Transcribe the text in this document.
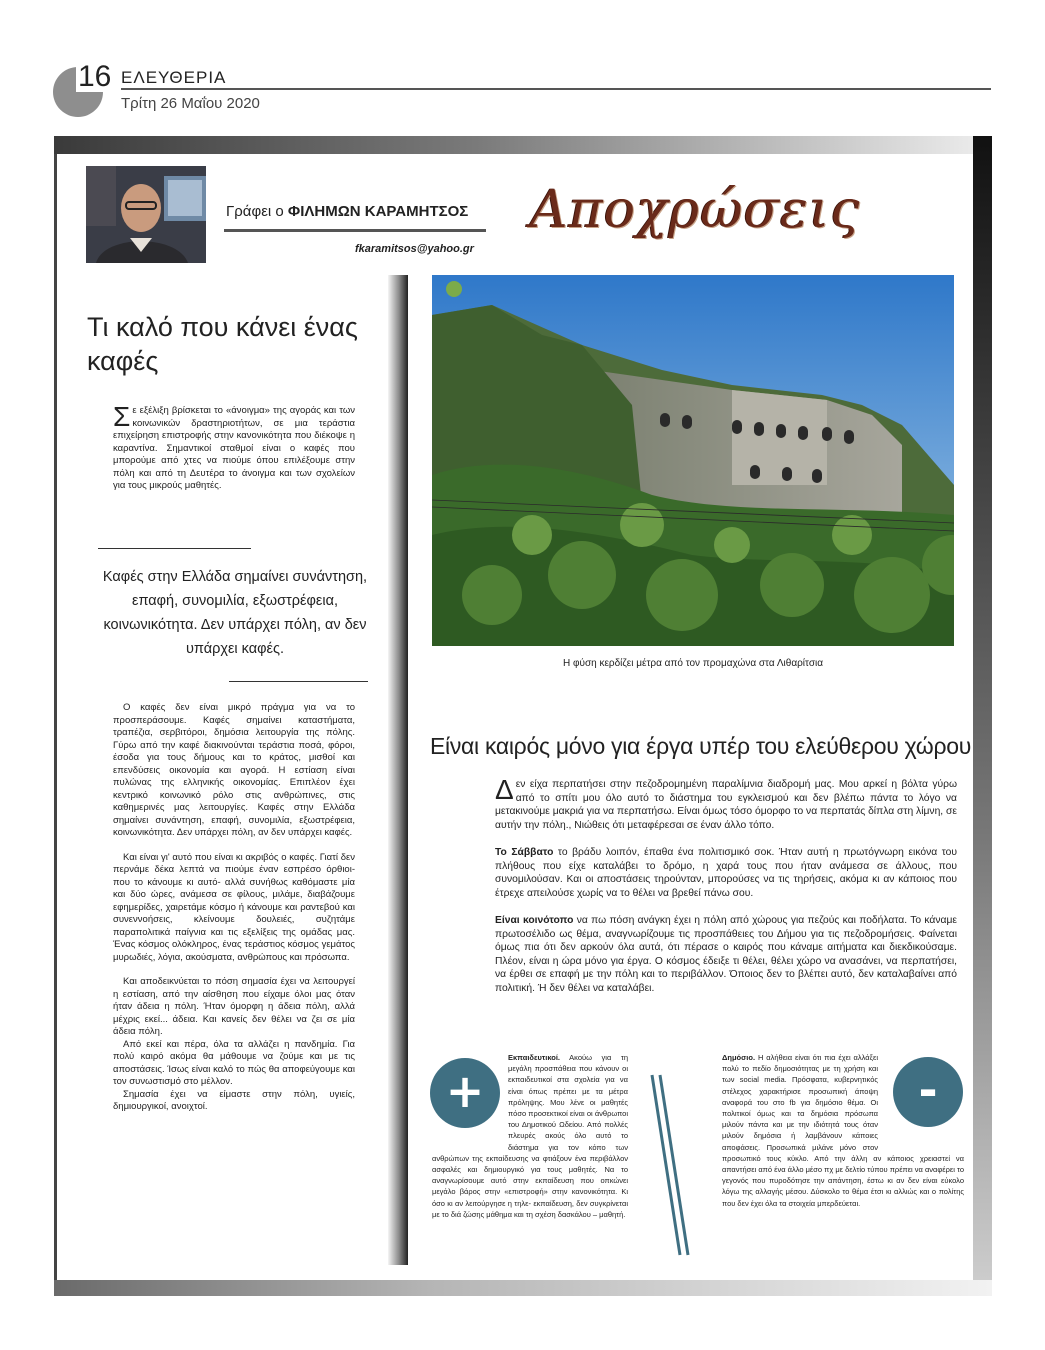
16 ΕΛΕΥΘΕΡΙΑ
Τρίτη 26 Μαΐου 2020
Γράφει ο ΦΙΛΗΜΩΝ ΚΑΡΑΜΗΤΣΟΣ
fkaramitsos@yahoo.gr
Αποχρώσεις
Τι καλό που κάνει ένας καφές
Σ ε εξέλιξη βρίσκεται το «άνοιγμα» της αγοράς και των κοινωνικών δραστηριοτήτων, σε μια τεράστια επιχείρηση επιστροφής στην κανονικότητα που διέκοψε η καραντίνα. Σημαντικοί σταθμοί είναι ο καφές που μπορούμε από χτες να πιούμε όπου επιλέξουμε στην πόλη και από τη Δευτέρα το άνοιγμα και των σχολείων για τους μικρούς μαθητές.
Καφές στην Ελλάδα σημαίνει συνάντηση, επαφή, συνομιλία, εξωστρέφεια, κοινωνικότητα. Δεν υπάρχει πόλη, αν δεν υπάρχει καφές.

Ο καφές δεν είναι μικρό πράγμα για να το προσπεράσουμε. Καφές σημαίνει καταστήματα, τραπέζια, σερβιτόροι, δημόσια λειτουργία της πόλης. Γύρω από την καφέ διακινούνται τεράστια ποσά, φόροι, έσοδα για τους δήμους και το κράτος, μισθοί και επενδύσεις οικονομία και αγορά. Η εστίαση είναι πυλώνας της ελληνικής οικονομίας. Επιπλέον έχει κεντρικό κοινωνικό ρόλο στις ανθρώπινες, στις καθημερινές μας λειτουργίες. Καφές στην Ελλάδα σημαίνει συνάντηση, επαφή, συνομιλία, εξωστρέφεια, κοινωνικότητα. Δεν υπάρχει πόλη, αν δεν υπάρχει καφές.

Και είναι γι' αυτό που είναι κι ακριβός ο καφές. Γιατί δεν περνάμε δέκα λεπτά να πιούμε έναν εσπρέσο όρθιοι- που το κάνουμε κι αυτό- αλλά συνήθως καθόμαστε μία και δύο ώρες, ανάμεσα σε φίλους, μιλάμε, διαβάζουμε εφημερίδες, χαιρετάμε κόσμο ή κάνουμε και ραντεβού και συνεννοήσεις, κλείνουμε δουλειές, συζητάμε παραπολιτικά παίγνια και τις εξελίξεις της ομάδας μας. Ένας κόσμος ολόκληρος, ένας τεράστιος κόσμος γεμάτος μυρωδιές, λόγια, ακούσματα, ανθρώπους και πρόσωπα.

Και αποδεικνύεται το πόση σημασία έχει να λειτουργεί η εστίαση, από την αίσθηση που είχαμε όλοι μας όταν ήταν άδεια η πόλη. Ήταν όμορφη η άδεια πόλη, αλλά μέχρις εκεί... άδεια. Και κανείς δεν θέλει να ζει σε μία άδεια πόλη.

Από εκεί και πέρα, όλα τα αλλάζει η πανδημία. Για πολύ καιρό ακόμα θα μάθουμε να ζούμε και με τις αποστάσεις. Ίσως είναι καλό το πώς θα αποφεύγουμε και τον συνωστισμό στο μέλλον.

Σημασία έχει να είμαστε στην πόλη, υγιείς, δημιουργικοί, ανοιχτοί.

Η φύση κερδίζει μέτρα από τον προμαχώνα στα Λιθαρίτσια
Είναι καιρός μόνο για έργα υπέρ του ελεύθερου χώρου

Δ εν είχα περπατήσει στην πεζοδρομημένη παραλίμνια διαδρομή μας. Μου αρκεί η βόλτα γύρω από το σπίτι μου όλο αυτό το διάστημα του εγκλεισμού και δεν βλέπω πάντα το λόγο να μετακινούμε μακριά για να περπατήσω. Είναι όμως τόσο όμορφο το να περπατάς δίπλα στη λίμνη, σε αυτήν την πόλη., Νιώθεις ότι μεταφέρεσαι σε έναν άλλο τόπο.

Το Σάββατο το βράδυ λοιπόν, έπαθα ένα πολιτισμικό σοκ. Ήταν αυτή η πρωτόγνωρη εικόνα του πλήθους που είχε καταλάβει το δρόμο, η χαρά τους που ήταν ανάμεσα σε άλλους, που συνομιλούσαν. Και οι αποστάσεις τηρούνταν, μπορούσες να τις τηρήσεις, ακόμα κι αν κάποιος που έτρεχε απειλούσε χωρίς να το θέλει να βρεθεί πάνω σου.

Είναι κοινότοπο να πω πόση ανάγκη έχει η πόλη από χώρους για πεζούς και ποδήλατα. Το κάναμε πρωτοσέλιδο ως θέμα, αναγνωρίζουμε τις προσπάθειες του Δήμου για τις πεζοδρομήσεις. Φαίνεται όμως πια ότι δεν αρκούν όλα αυτά, ότι πέρασε ο καιρός που κάναμε αιτήματα και διεκδικούσαμε. Πλέον, είναι η ώρα μόνο για έργα. Ο κόσμος έδειξε τι θέλει, θέλει χώρο να ανασάνει, να περπατήσει, να έρθει σε επαφή με την πόλη και το περιβάλλον. Όποιος δεν το βλέπει αυτό, δεν καταλαβαίνει από πολιτική. Ή δεν θέλει να καταλάβει.

Εκπαιδευτικοί. Ακούω για τη μεγάλη προσπάθεια που κάνουν οι εκπαιδευτικοί στα σχολεία για να είναι όπως πρέπει με τα μέτρα πρόληψης. Μου λένε οι μαθητές πόσο προσεκτικοί είναι οι άνθρωποι του Δημοτικού Ωδείου. Από πολλές πλευρές ακούς όλο αυτό το διάστημα για τον κόπο των ανθρώπων της εκπαίδευσης να φτιάξουν ένα περιβάλλον ασφαλές και δημιουργικό για τους μαθητές. Να το αναγνωρίσουμε αυτό στην εκπαίδευση που οπκώνει μεγάλο βάρος στην «επιστροφή» στην κανονικότητα. Κι όσο κι αν λειτούργησε η τηλε- εκπαίδευση, δεν συγκρίνεται με το διά ζώσης μάθημα και τη σχέση δασκάλου – μαθητή.
+
Δημόσιο. Η αλήθεια είναι ότι πια έχει αλλάξει πολύ το πεδίο δημοσιότητας με τη χρήση και των social media. Πρόσφατα, κυβερνητικός στέλεχος χαρακτήρισε προσωπική άποψη αναφορά του στο fb για δημόσιο θέμα. Οι πολιτικοί όμως και τα δημόσια πρόσωπα μιλούν πάντα και με την ιδιότητά τους όταν μιλούν δημόσια ή λαμβάνουν κάποιες αποφάσεις. Προσωπικά μιλάνε μόνο στον προσωπικό τους κύκλο. Από την άλλη αν κάποιος χρειαστεί να απαντήσει από ένα άλλο μέσο πχ με δελτίο τύπου πρέπει να αναφέρει το γεγονός που πυροδότησε την απάντηση, έστω κι αν δεν είναι εύκολο λόγω της αλλαγής μέσου. Δύσκολο το θέμα έτσι κι αλλιώς και ο πολίτης που δεν έχει όλα τα στοιχεία μπερδεύεται.
-
